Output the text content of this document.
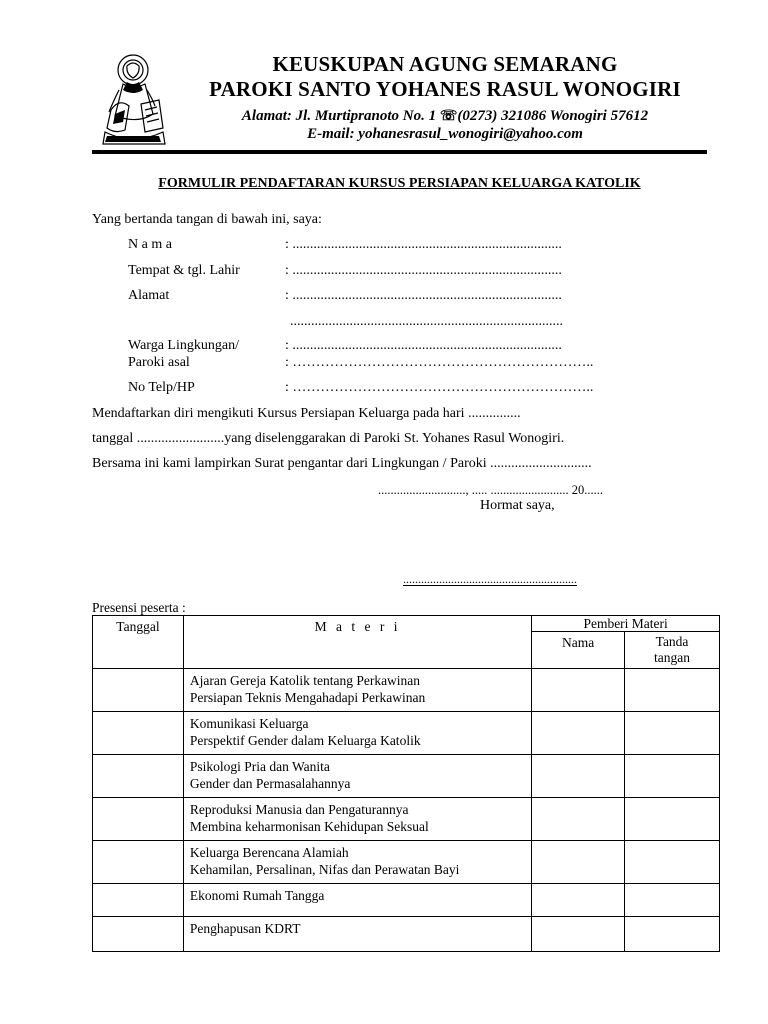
KEUSKUPAN AGUNG SEMARANG
PAROKI SANTO YOHANES RASUL WONOGIRI
Alamat: Jl. Murtipranoto No. 1 ☏(0273) 321086 Wonogiri 57612
E-mail: yohanesrasul_wonogiri@yahoo.com
FORMULIR PENDAFTARAN KURSUS PERSIAPAN KELUARGA KATOLIK
Yang bertanda tangan di bawah ini, saya:
N a m a	: .............................................................................
Tempat & tgl. Lahir	: .............................................................................
Alamat	: .............................................................................
..............................................................................
Warga Lingkungan/	: .............................................................................
Paroki asal	: ………………………………………………………..
No Telp/HP	: ………………………………………………………..
Mendaftarkan diri mengikuti Kursus Persiapan Keluarga pada hari ...............
tanggal .........................yang diselenggarakan di Paroki St. Yohanes Rasul Wonogiri.
Bersama ini kami lampirkan Surat pengantar dari Lingkungan / Paroki .............................
............................, ..... ......................... 20......
Hormat saya,
..........................................................
Presensi peserta :
Tanggal	M a t e r i	Pemberi Materi	
		Nama	Tanda
tangan

	Ajaran Gereja Katolik tentang Perkawinan
Persiapan Teknis Mengahadapi Perkawinan		

	Komunikasi Keluarga
Perspektif Gender dalam Keluarga Katolik		

	Psikologi Pria dan Wanita
Gender dan Permasalahannya		

	Reproduksi Manusia dan Pengaturannya
Membina keharmonisan Kehidupan Seksual		

	Keluarga Berencana Alamiah
Kehamilan, Persalinan, Nifas dan Perawatan Bayi		

	Ekonomi Rumah Tangga		

	Penghapusan KDRT		
